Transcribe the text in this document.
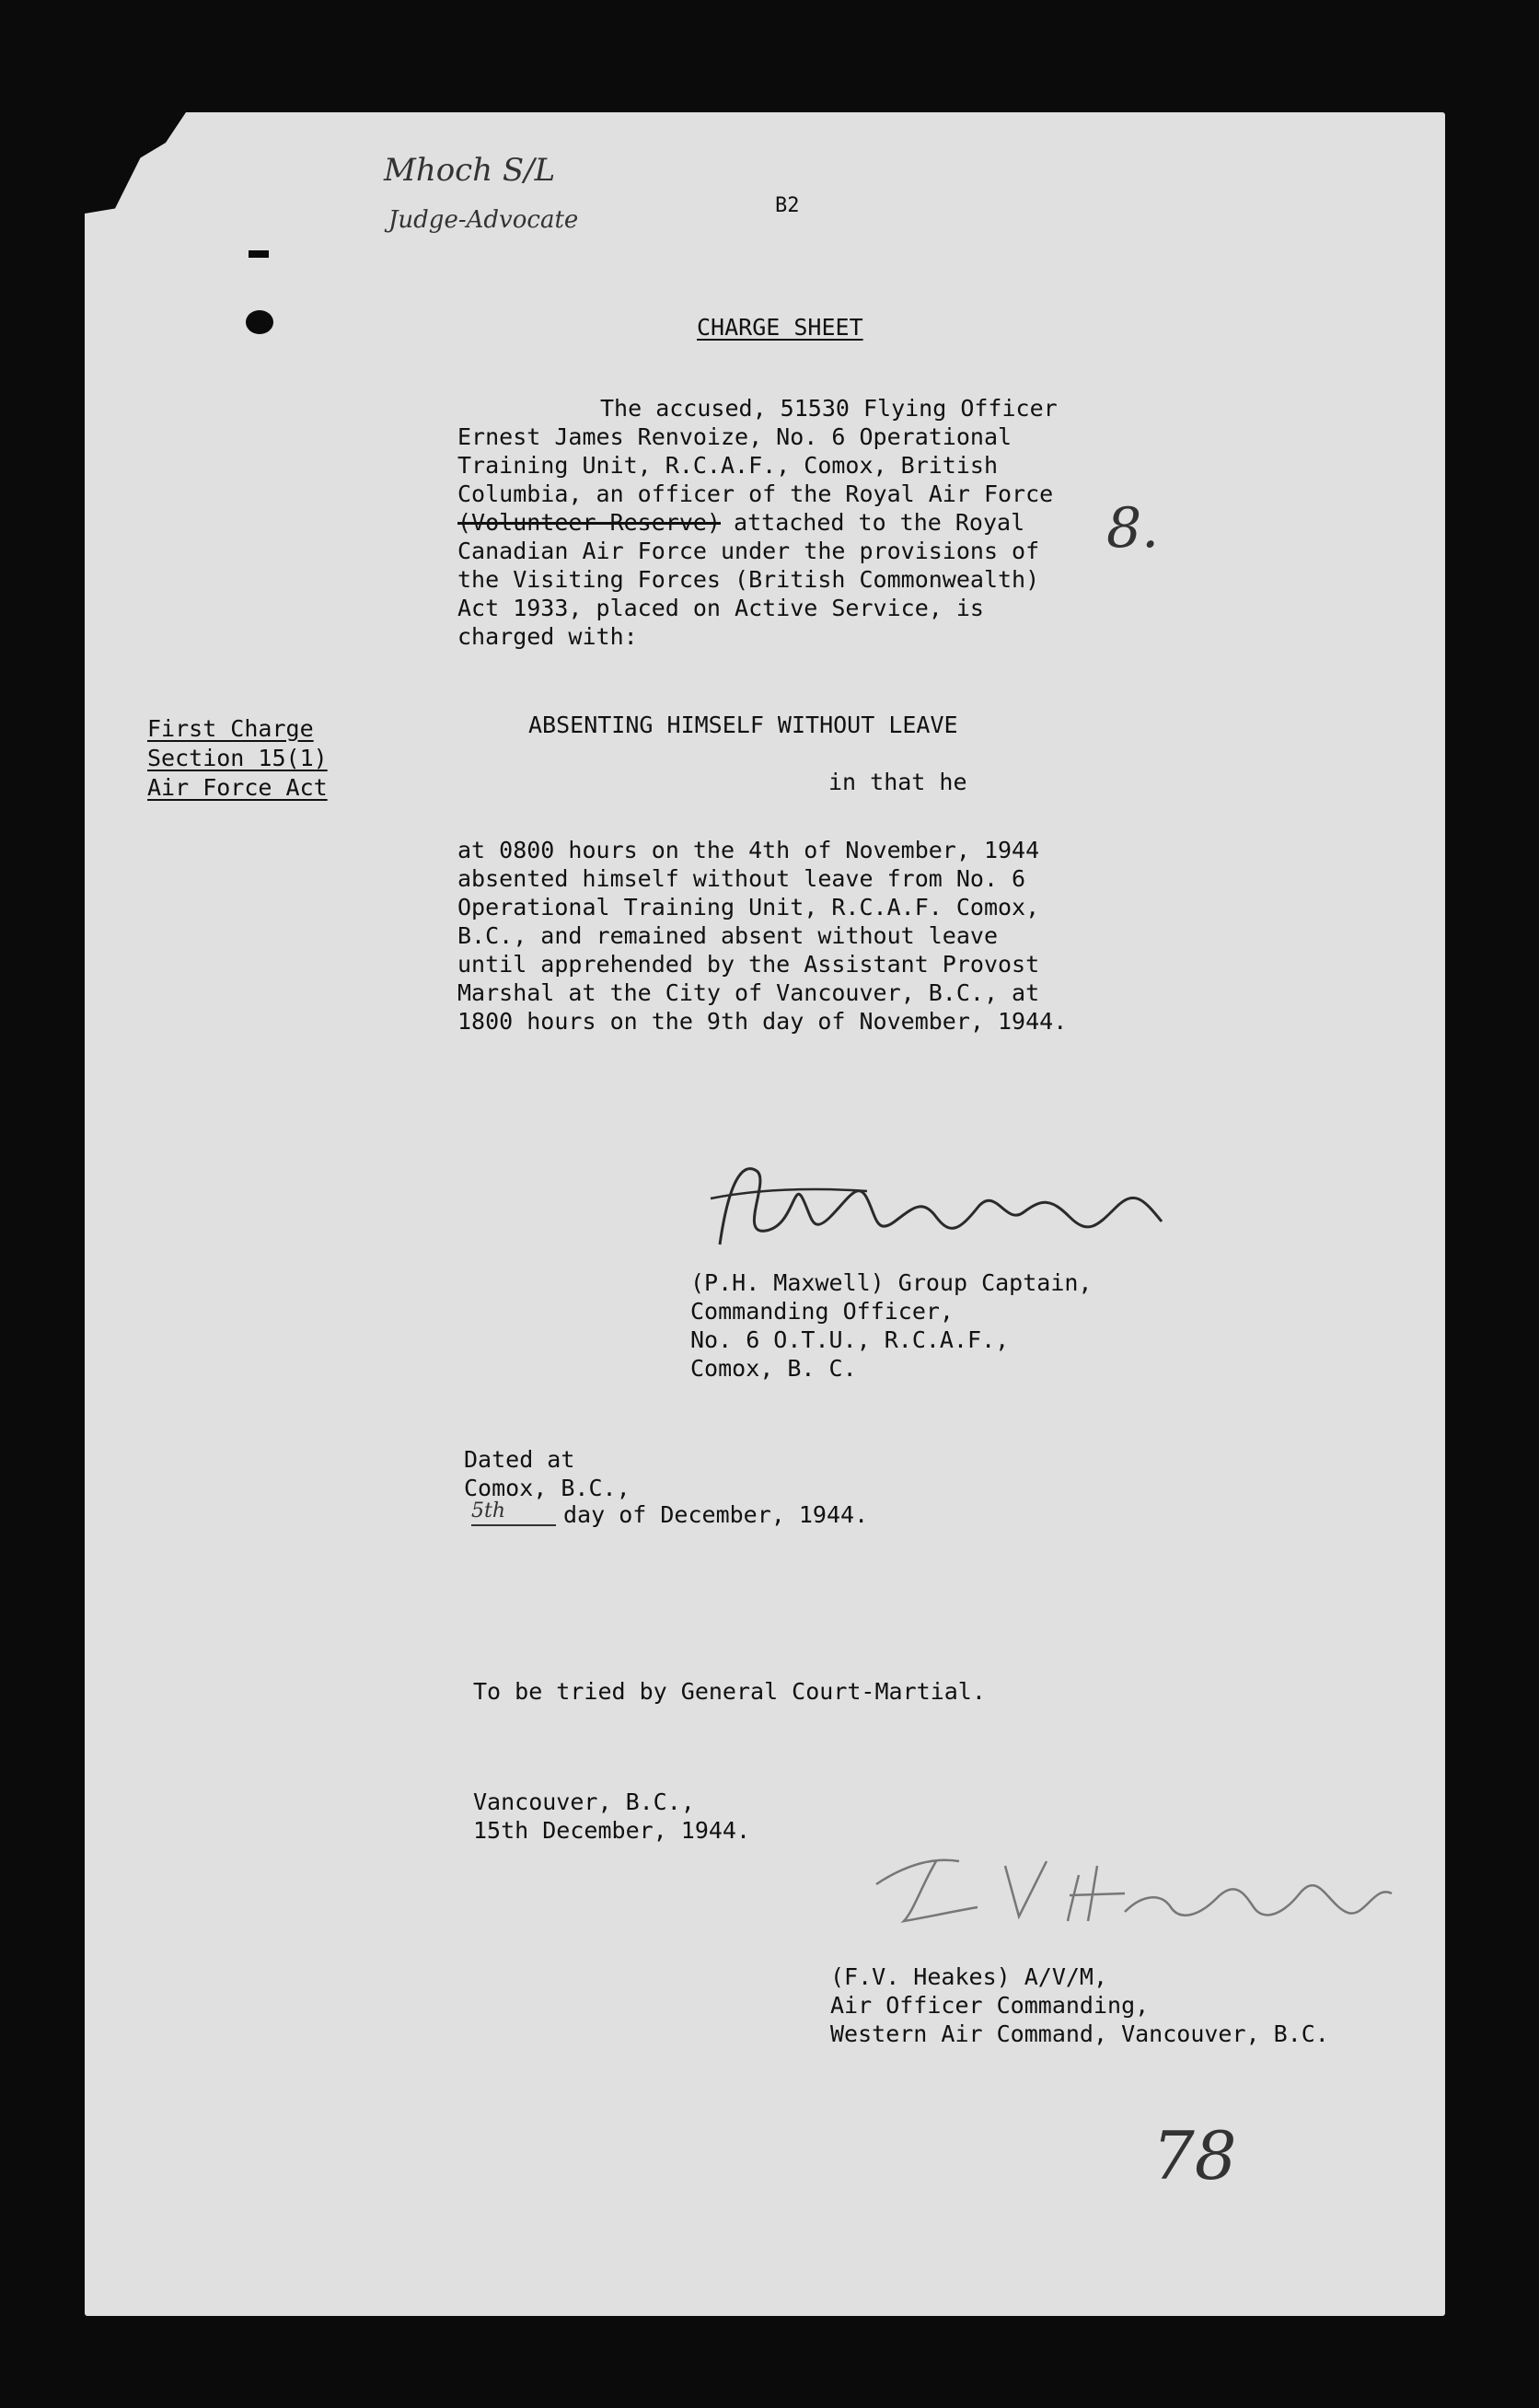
Mhoch S/L
Judge-Advocate
B2
8.
CHARGE SHEET
The accused, 51530 Flying Officer
Ernest James Renvoize, No. 6 Operational
Training Unit, R.C.A.F., Comox, British
Columbia, an officer of the Royal Air Force
(Volunteer Reserve) attached to the Royal
Canadian Air Force under the provisions of
the Visiting Forces (British Commonwealth)
Act 1933, placed on Active Service, is
charged with:
First Charge
Section 15(1)
Air Force Act
ABSENTING HIMSELF WITHOUT LEAVE
in that he
at 0800 hours on the 4th of November, 1944
absented himself without leave from No. 6
Operational Training Unit, R.C.A.F. Comox,
B.C., and remained absent without leave
until apprehended by the Assistant Provost
Marshal at the City of Vancouver, B.C., at
1800 hours on the 9th day of November, 1944.
(P.H. Maxwell) Group Captain,
Commanding Officer,
No. 6 O.T.U., R.C.A.F.,
Comox, B. C.
Dated at
Comox, B.C.,
5th	day of December, 1944.
To be tried by General Court-Martial.
Vancouver, B.C.,
15th December, 1944.
(F.V. Heakes) A/V/M,
Air Officer Commanding,
Western Air Command, Vancouver, B.C.
78
